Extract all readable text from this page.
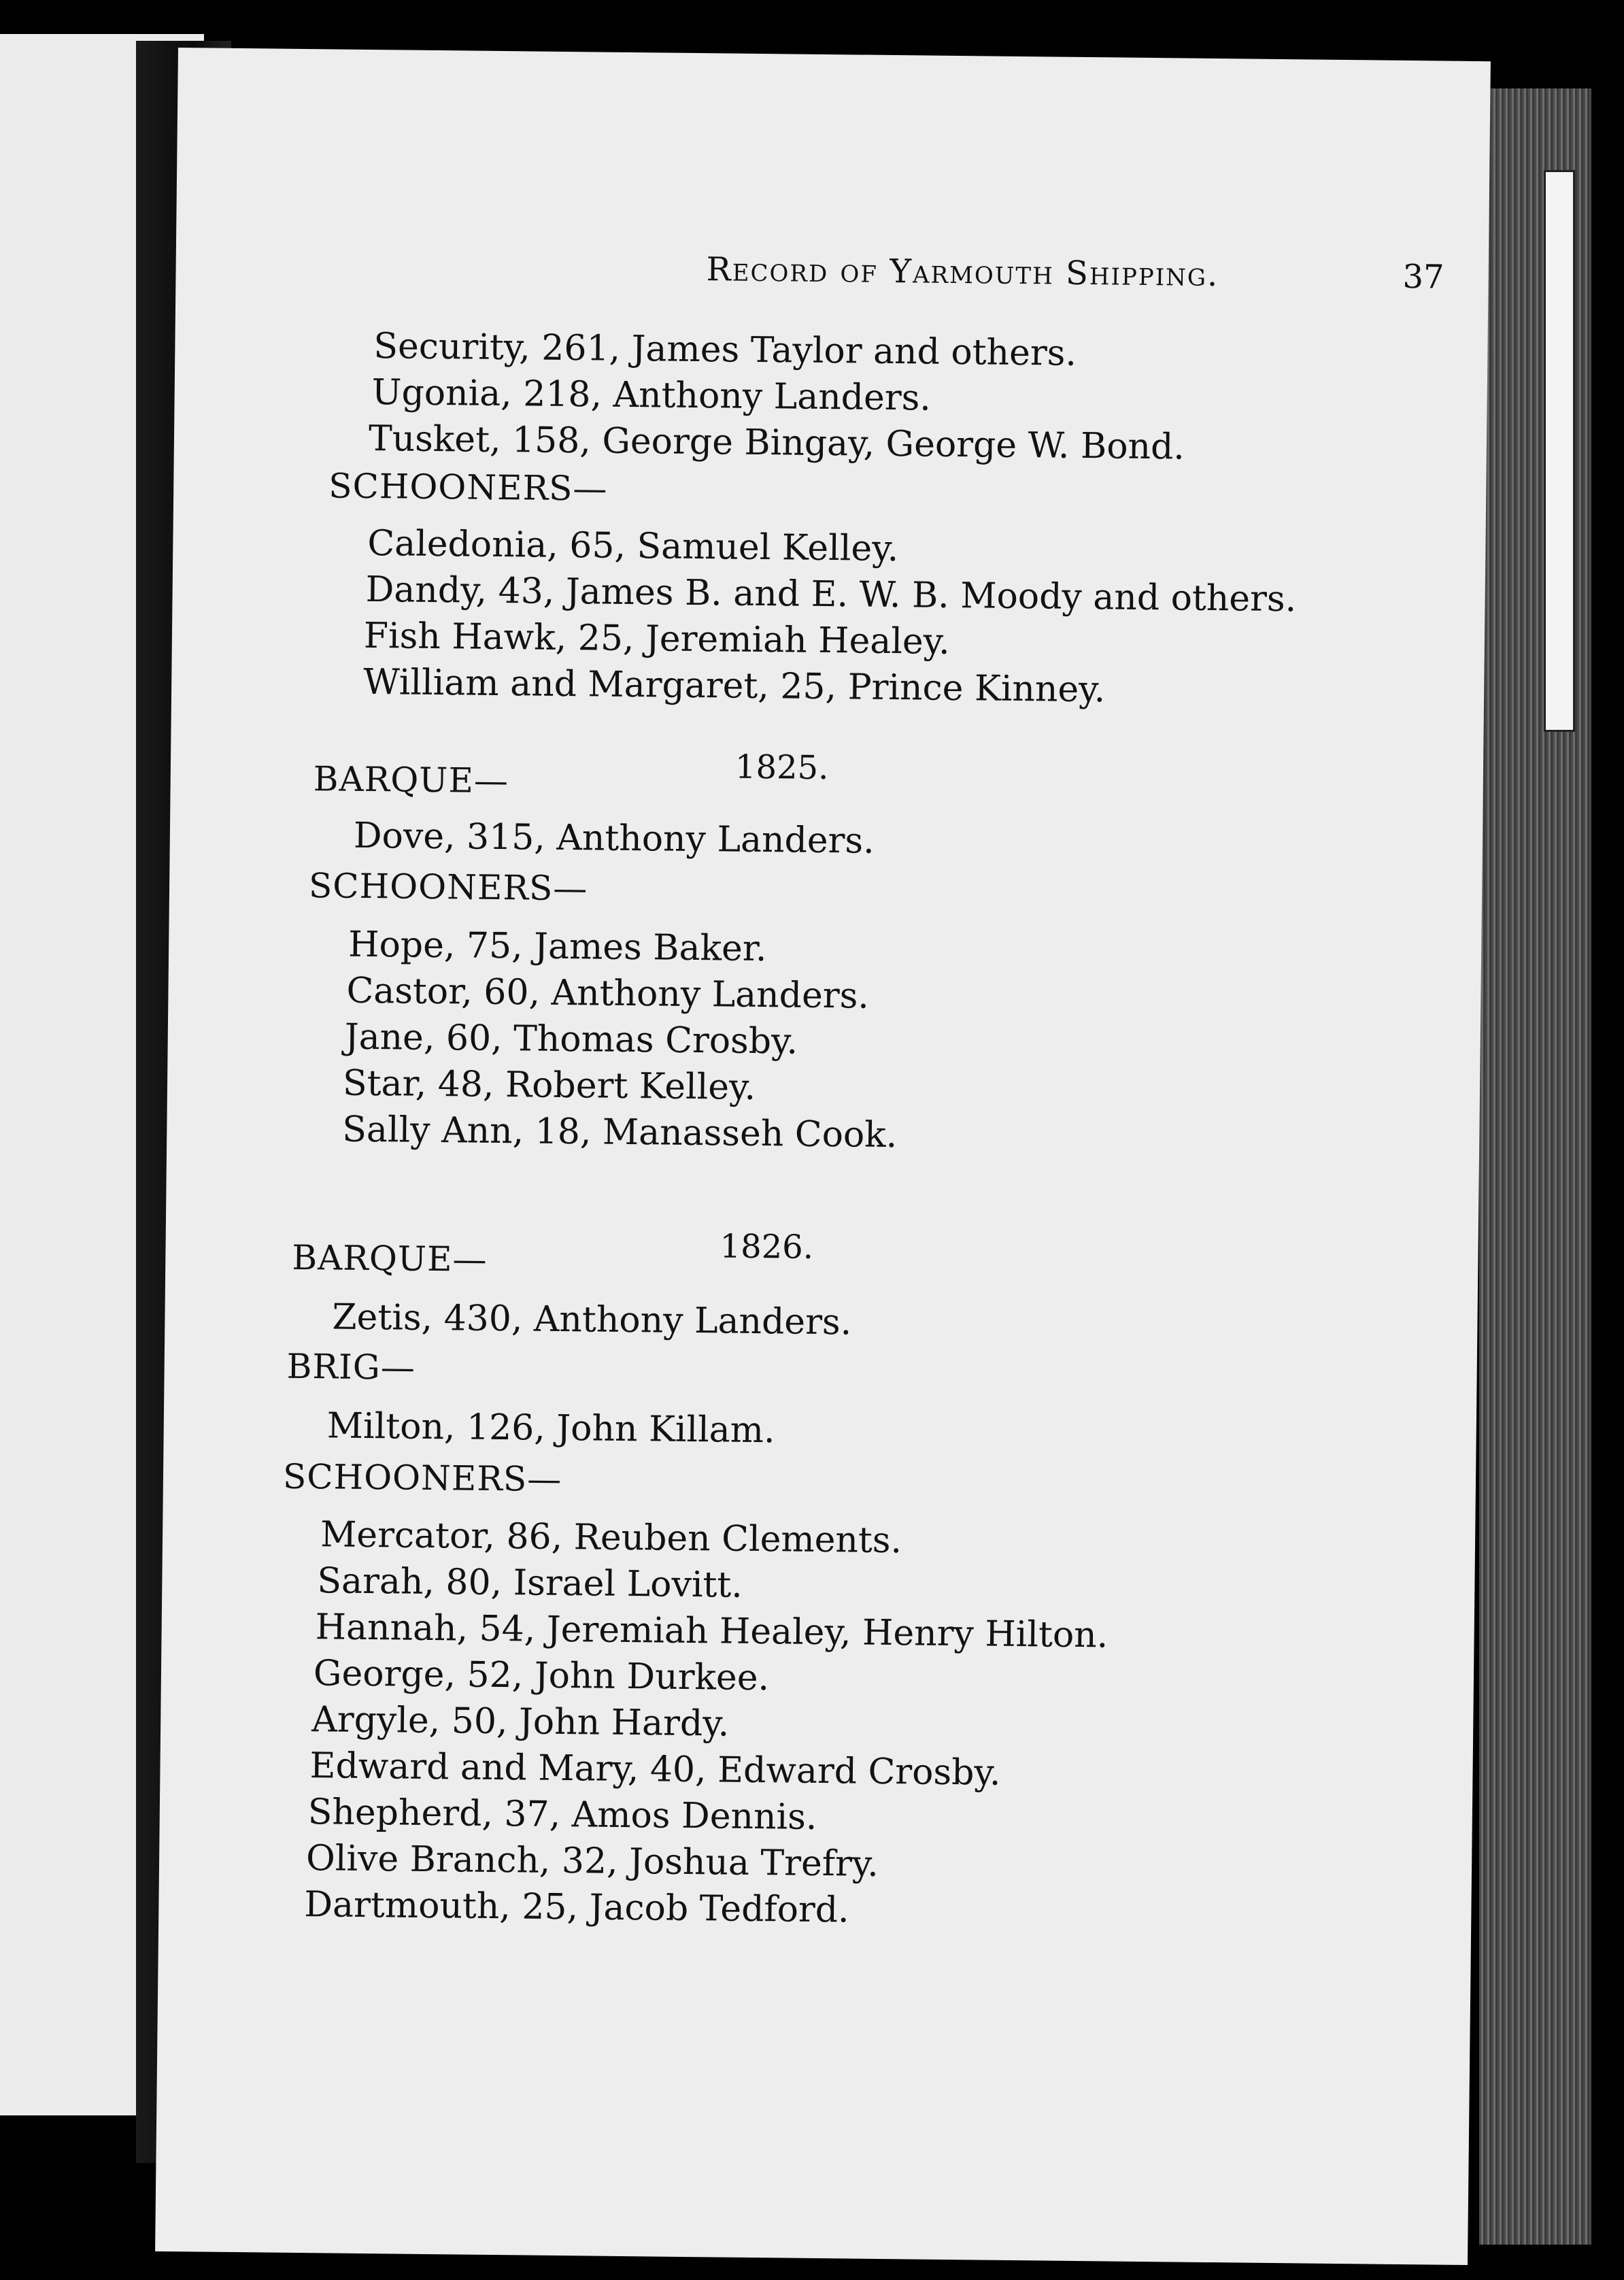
Record of Yarmouth Shipping.	37
Security, 261, James Taylor and others.
Ugonia, 218, Anthony Landers.
Tusket, 158, George Bingay, George W. Bond.
SCHOONERS—
Caledonia, 65, Samuel Kelley.
Dandy, 43, James B. and E. W. B. Moody and others.
Fish Hawk, 25, Jeremiah Healey.
William and Margaret, 25, Prince Kinney.
1825.
BARQUE—
Dove, 315, Anthony Landers.
SCHOONERS—
Hope, 75, James Baker.
Castor, 60, Anthony Landers.
Jane, 60, Thomas Crosby.
Star, 48, Robert Kelley.
Sally Ann, 18, Manasseh Cook.
1826.
BARQUE—
Zetis, 430, Anthony Landers.
BRIG—
Milton, 126, John Killam.
SCHOONERS—
Mercator, 86, Reuben Clements.
Sarah, 80, Israel Lovitt.
Hannah, 54, Jeremiah Healey, Henry Hilton.
George, 52, John Durkee.
Argyle, 50, John Hardy.
Edward and Mary, 40, Edward Crosby.
Shepherd, 37, Amos Dennis.
Olive Branch, 32, Joshua Trefry.
Dartmouth, 25, Jacob Tedford.
